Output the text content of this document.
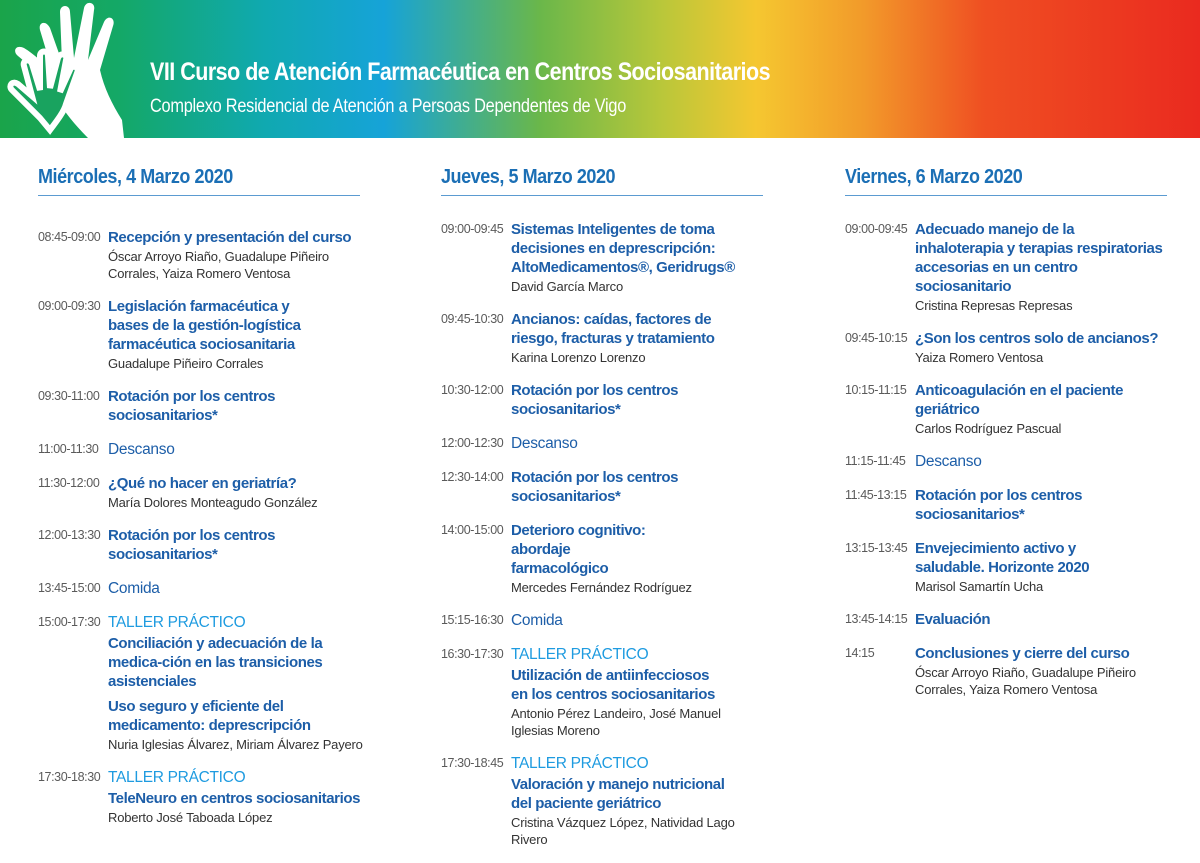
VII Curso de Atención Farmacéutica en Centros Sociosanitarios
Complexo Residencial de Atención a Persoas Dependentes de Vigo
Miércoles, 4 Marzo 2020
08:45-09:00 Recepción y presentación del curso
Óscar Arroyo Riaño, Guadalupe Piñeiro Corrales, Yaiza Romero Ventosa
09:00-09:30 Legislación farmacéutica y bases de la gestión-logística farmacéutica sociosanitaria
Guadalupe Piñeiro Corrales
09:30-11:00 Rotación por los centros sociosanitarios*
11:00-11:30 Descanso
11:30-12:00 ¿Qué no hacer en geriatría?
María Dolores Monteagudo González
12:00-13:30 Rotación por los centros sociosanitarios*
13:45-15:00 Comida
15:00-17:30 TALLER PRÁCTICO
Conciliación y adecuación de la medica-ción en las transiciones asistenciales
Uso seguro y eficiente del medicamento: deprescripción
Nuria Iglesias Álvarez, Miriam Álvarez Payero
17:30-18:30 TALLER PRÁCTICO
TeleNeuro en centros sociosanitarios
Roberto José Taboada López
Jueves, 5 Marzo 2020
09:00-09:45 Sistemas Inteligentes de toma decisiones en deprescripción: AltoMedicamentos®, Geridrugs®
David García Marco
09:45-10:30 Ancianos: caídas, factores de riesgo, fracturas y tratamiento
Karina Lorenzo Lorenzo
10:30-12:00 Rotación por los centros sociosanitarios*
12:00-12:30 Descanso
12:30-14:00 Rotación por los centros sociosanitarios*
14:00-15:00 Deterioro cognitivo: abordaje farmacológico
Mercedes Fernández Rodríguez
15:15-16:30 Comida
16:30-17:30 TALLER PRÁCTICO
Utilización de antiinfecciosos en los centros sociosanitarios
Antonio Pérez Landeiro, José Manuel Iglesias Moreno
17:30-18:45 TALLER PRÁCTICO
Valoración y manejo nutricional del paciente geriátrico
Cristina Vázquez López, Natividad Lago Rivero
Viernes, 6 Marzo 2020
09:00-09:45 Adecuado manejo de la inhaloterapia y terapias respiratorias accesorias en un centro sociosanitario
Cristina Represas Represas
09:45-10:15 ¿Son los centros solo de ancianos?
Yaiza Romero Ventosa
10:15-11:15 Anticoagulación en el paciente geriátrico
Carlos Rodríguez Pascual
11:15-11:45 Descanso
11:45-13:15 Rotación por los centros sociosanitarios*
13:15-13:45 Envejecimiento activo y saludable. Horizonte 2020
Marisol Samartín Ucha
13:45-14:15 Evaluación
14:15	Conclusiones y cierre del curso
Óscar Arroyo Riaño, Guadalupe Piñeiro Corrales, Yaiza Romero Ventosa
